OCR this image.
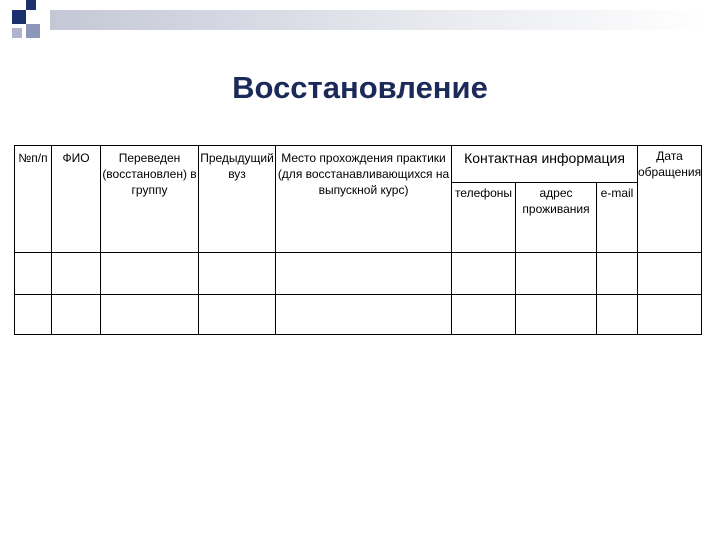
Восстановление
№п/п	ФИО	Переведен (восстановлен) в группу	Предыдущий вуз	Место прохождения практики (для восстанавливающихся на выпускной курс)	Контактная информация			Дата обращения
					телефоны	адрес проживания	e-mail	
